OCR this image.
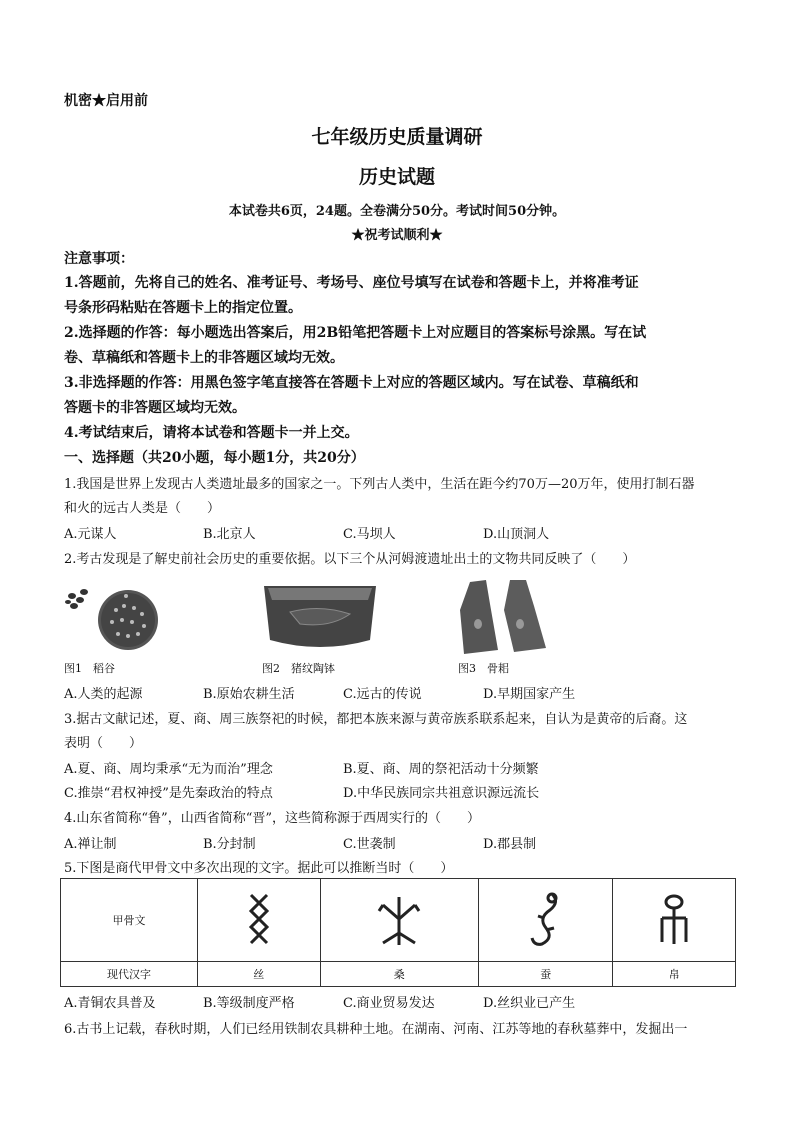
机密★启用前
七年级历史质量调研
历史试题
本试卷共6页，24题。全卷满分50分。考试时间50分钟。
★祝考试顺利★
注意事项：
1.答题前，先将自己的姓名、准考证号、考场号、座位号填写在试卷和答题卡上，并将准考证
号条形码粘贴在答题卡上的指定位置。
2.选择题的作答：每小题选出答案后，用2B铅笔把答题卡上对应题目的答案标号涂黑。写在试
卷、草稿纸和答题卡上的非答题区域均无效。
3.非选择题的作答：用黑色签字笔直接答在答题卡上对应的答题区域内。写在试卷、草稿纸和
答题卡的非答题区域均无效。
4.考试结束后，请将本试卷和答题卡一并上交。
一、选择题（共20小题，每小题1分，共20分）
1.我国是世界上发现古人类遗址最多的国家之一。下列古人类中，生活在距今约70万—20万年，使用打制石器
和火的远古人类是（　　）
A.元谋人	B.北京人	C.马坝人	D.山顶洞人
2.考古发现是了解史前社会历史的重要依据。以下三个从河姆渡遗址出土的文物共同反映了（　　）
图1　稻谷	图2　猪纹陶钵	图3　骨耜
A.人类的起源	B.原始农耕生活	C.远古的传说	D.早期国家产生
3.据古文献记述，夏、商、周三族祭祀的时候，都把本族来源与黄帝族系联系起来，自认为是黄帝的后裔。这
表明（　　）
A.夏、商、周均秉承“无为而治”理念	B.夏、商、周的祭祀活动十分频繁
C.推崇“君权神授”是先秦政治的特点	D.中华民族同宗共祖意识源远流长
4.山东省简称“鲁”，山西省简称“晋”，这些简称源于西周实行的（　　）
A.禅让制	B.分封制	C.世袭制	D.郡县制
5.下图是商代甲骨文中多次出现的文字。据此可以推断当时（　　）
甲骨文				
现代汉字	丝	桑	蚕	帛
A.青铜农具普及	B.等级制度严格	C.商业贸易发达	D.丝织业已产生
6.古书上记载，春秋时期，人们已经用铁制农具耕种土地。在湖南、河南、江苏等地的春秋墓葬中，发掘出一
